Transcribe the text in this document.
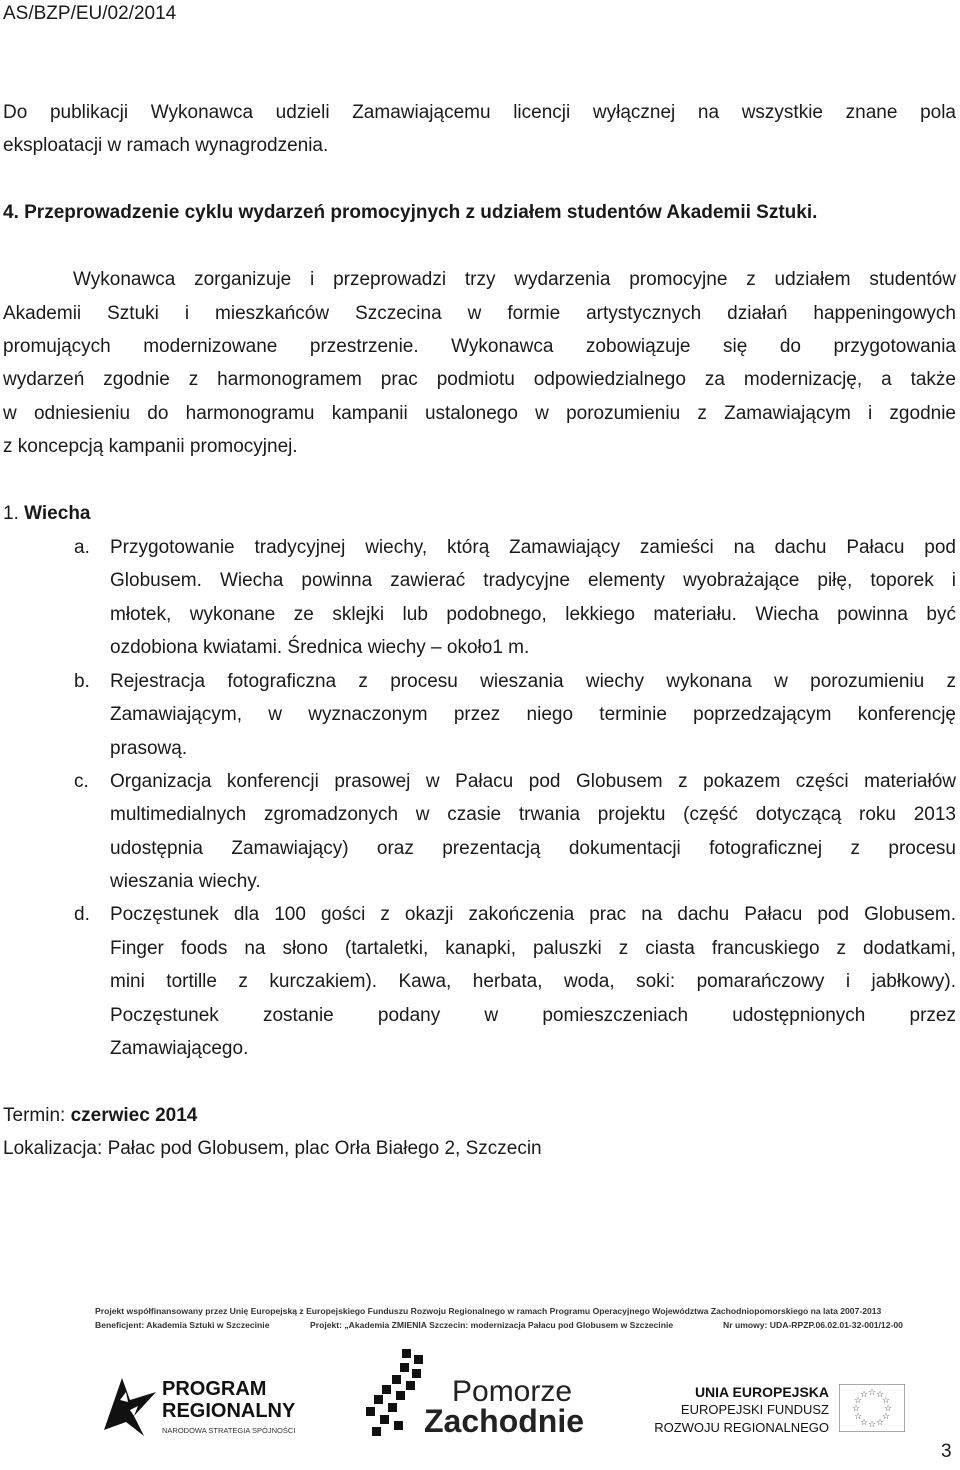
AS/BZP/EU/02/2014
Do publikacji Wykonawca udzieli Zamawiającemu licencji wyłącznej na wszystkie znane pola
eksploatacji w ramach wynagrodzenia.
4. Przeprowadzenie cyklu wydarzeń promocyjnych z udziałem studentów Akademii Sztuki.
Wykonawca zorganizuje i przeprowadzi trzy wydarzenia promocyjne z udziałem studentów
Akademii Sztuki i mieszkańców Szczecina w formie artystycznych działań happeningowych
promujących modernizowane przestrzenie. Wykonawca zobowiązuje się do przygotowania
wydarzeń zgodnie z harmonogramem prac podmiotu odpowiedzialnego za modernizację, a także
w odniesieniu do harmonogramu kampanii ustalonego w porozumieniu z Zamawiającym i zgodnie
z koncepcją kampanii promocyjnej.
1. Wiecha
a. Przygotowanie tradycyjnej wiechy, którą Zamawiający zamieści na dachu Pałacu pod
Globusem. Wiecha powinna zawierać tradycyjne elementy wyobrażające piłę, toporek i
młotek, wykonane ze sklejki lub podobnego, lekkiego materiału. Wiecha powinna być
ozdobiona kwiatami. Średnica wiechy – około1 m.
b. Rejestracja fotograficzna z procesu wieszania wiechy wykonana w porozumieniu z
Zamawiającym, w wyznaczonym przez niego terminie poprzedzającym konferencję
prasową.
c. Organizacja konferencji prasowej w Pałacu pod Globusem z pokazem części materiałów
multimedialnych zgromadzonych w czasie trwania projektu (część dotyczącą roku 2013
udostępnia Zamawiający) oraz prezentacją dokumentacji fotograficznej z procesu
wieszania wiechy.
d. Poczęstunek dla 100 gości z okazji zakończenia prac na dachu Pałacu pod Globusem.
Finger foods na słono (tartaletki, kanapki, paluszki z ciasta francuskiego z dodatkami,
mini tortille z kurczakiem). Kawa, herbata, woda, soki: pomarańczowy i jabłkowy).
Poczęstunek zostanie podany w pomieszczeniach udostępnionych przez
Zamawiającego.
Termin: czerwiec 2014
Lokalizacja: Pałac pod Globusem, plac Orła Białego 2, Szczecin
Projekt współfinansowany przez Unię Europejską z Europejskiego Funduszu Rozwoju Regionalnego w ramach Programu Operacyjnego Województwa Zachodniopomorskiego na lata 2007-2013
Beneficjent: Akademia Sztuki w Szczecinie	Projekt: „Akademia ZMIENIA Szczecin: modernizacja Pałacu pod Globusem w Szczecinie	Nr umowy: UDA-RPZP.06.02.01-32-001/12-00
PROGRAM
REGIONALNY
NARODOWA STRATEGIA SPÓJNOŚCI
Pomorze
Zachodnie
UNIA EUROPEJSKA
EUROPEJSKI FUNDUSZ
ROZWOJU REGIONALNEGO
☆
☆
☆
☆
☆
☆
☆
☆
☆ ☆ ☆
☆
3
